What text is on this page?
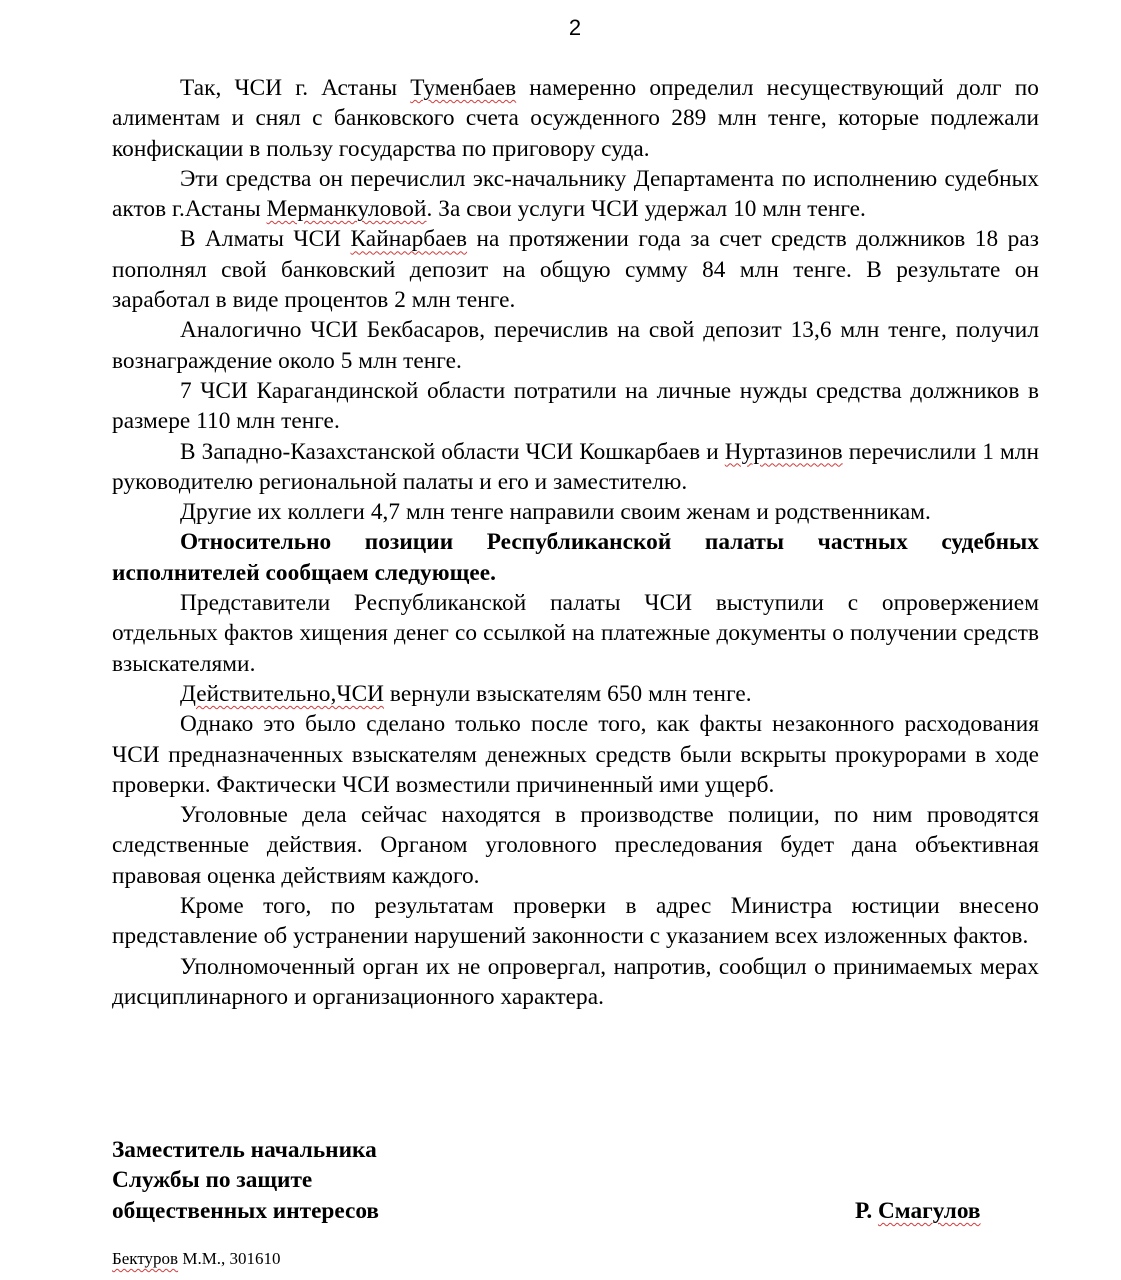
2

Так, ЧСИ г. Астаны Туменбаев намеренно определил несуществующий долг по алиментам и снял с банковского счета осужденного 289 млн тенге, которые подлежали конфискации в пользу государства по приговору суда.

Эти средства он перечислил экс-начальнику Департамента по исполнению судебных актов г.Астаны Мерманкуловой. За свои услуги ЧСИ удержал 10 млн тенге.

В Алматы ЧСИ Кайнарбаев на протяжении года за счет средств должников 18 раз пополнял свой банковский депозит на общую сумму 84 млн тенге. В результате он заработал в виде процентов 2 млн тенге.

Аналогично ЧСИ Бекбасаров, перечислив на свой депозит 13,6 млн тенге, получил вознаграждение около 5 млн тенге.

7 ЧСИ Карагандинской области потратили на личные нужды средства должников в размере 110 млн тенге.

В Западно-Казахстанской области ЧСИ Кошкарбаев и Нуртазинов перечислили 1 млн руководителю региональной палаты и его и заместителю.

Другие их коллеги 4,7 млн тенге направили своим женам и родственникам.

Относительно позиции Республиканской палаты частных судебных исполнителей сообщаем следующее.

Представители Республиканской палаты ЧСИ выступили с опровержением отдельных фактов хищения денег со ссылкой на платежные документы о получении средств взыскателями.

Действительно,ЧСИ вернули взыскателям 650 млн тенге.

Однако это было сделано только после того, как факты незаконного расходования ЧСИ предназначенных взыскателям денежных средств были вскрыты прокурорами в ходе проверки. Фактически ЧСИ возместили причиненный ими ущерб.

Уголовные дела сейчас находятся в производстве полиции, по ним проводятся следственные действия. Органом уголовного преследования будет дана объективная правовая оценка действиям каждого.

Кроме того, по результатам проверки в адрес Министра юстиции внесено представление об устранении нарушений законности с указанием всех изложенных фактов.

Уполномоченный орган их не опровергал, напротив, сообщил о принимаемых мерах дисциплинарного и организационного характера.

Заместитель начальника
Службы по защите
общественных интересов	Р. Смагулов
Бектуров М.М., 301610
